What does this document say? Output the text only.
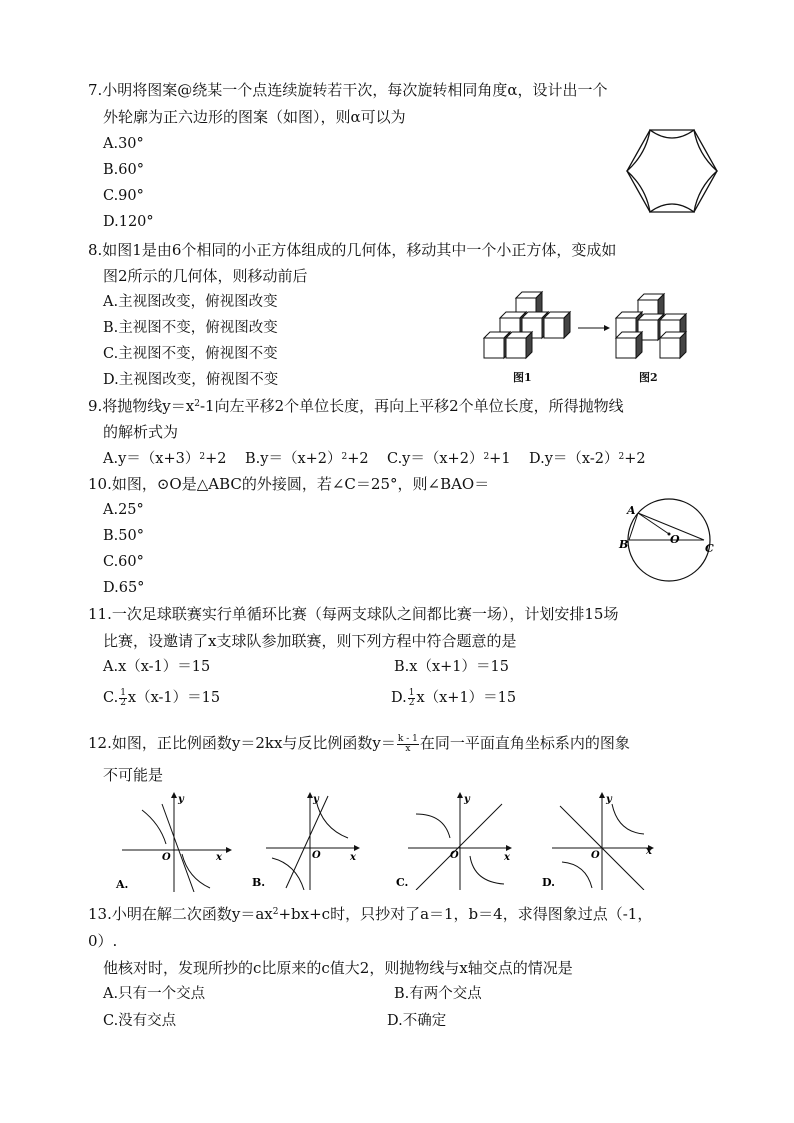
7.小明将图案@绕某一个点连续旋转若干次，每次旋转相同角度α，设计出一个
外轮廓为正六边形的图案（如图），则α可以为
A.30°
B.60°
C.90°
D.120°
8.如图1是由6个相同的小正方体组成的几何体，移动其中一个小正方体，变成如
图2所示的几何体，则移动前后
A.主视图改变，俯视图改变
B.主视图不变，俯视图改变
C.主视图不变，俯视图不变
D.主视图改变，俯视图不变	图1	图2
9.将抛物线$y=x^2-1$向左平移2个单位长度，再向上平移2个单位长度，所得抛物线
的解析式为
$A.y=(x+3)^2+2$ $B.y=(x+2)^2+2$ $C.y=(x+2)^2+1$ $D.y=(x-2)^2+2$
10.如图，⊙O是△ABC的外接圆，若∠C＝25°，则∠BAO＝
A.25°
B.50°
C.60°
D.65°
A
B	C
O
11.一次足球联赛实行单循环比赛（每两支球队之间都比赛一场），计划安排15场
比赛，设邀请了x支球队参加联赛，则下列方程中符合题意的是
A.x（x-1）＝15	B.x（x+1）＝15
C. $\frac{1}{2} x(x-1)=15$	D. $\frac{1}{2} x(x+1)=15$
12.如图，正比例函数y＝2kx与反比例函数$y= \frac{k - 1}{x}$ 在同一平面直角坐标系内的图象
不可能是
y
x
O
A.
y
x
O
B.
y
x
O
C.
y
x
O
D.
13.小明在解二次函数$y=ax^2+bx+c$时，只抄对了a＝1，b＝4，求得图象过点（-1，
0）.
他核对时，发现所抄的c比原来的c值大2，则抛物线与x轴交点的情况是
A.只有一个交点	B.有两个交点
C.没有交点	D.不确定
